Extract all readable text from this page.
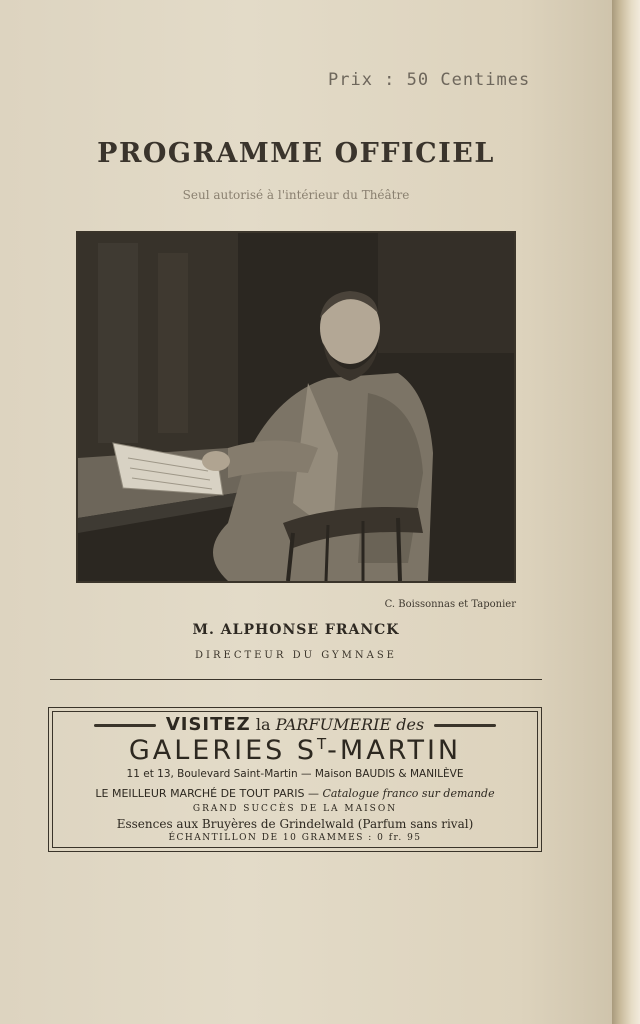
Prix : 50 Centimes
PROGRAMME OFFICIEL
Seul autorisé à l'intérieur du Théâtre
C. Boissonnas et Taponier
M. ALPHONSE FRANCK
DIRECTEUR DU GYMNASE
VISITEZ la PARFUMERIE des
GALERIES $S^T$-MARTIN
11 et 13, Boulevard Saint-Martin — Maison BAUDIS & MANILÈVE
LE MEILLEUR MARCHÉ DE TOUT PARIS — Catalogue franco sur demande
GRAND SUCCÈS DE LA MAISON
Essences aux Bruyères de Grindelwald (Parfum sans rival)
ÉCHANTILLON DE 10 GRAMMES : 0 fr. 95
